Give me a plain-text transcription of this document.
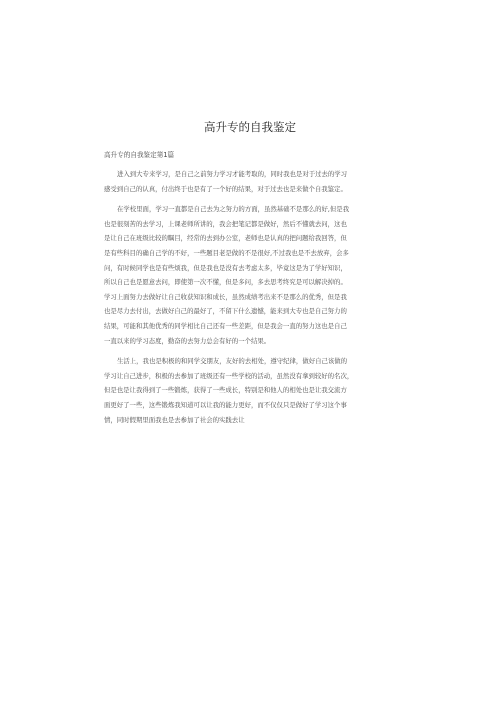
高升专的自我鉴定
高升专的自我鉴定第1篇
进入到大专来学习，是自己之前努力学习才能考取的，同时我也是对于过去的学习
感受到自己的认真，付出终于也是有了一个好的结果，对于过去也是来做个自我鉴定。
在学校里面，学习一直都是自己去为之努力的方面，虽然基础不是那么的好,但是我
也是很刻苦的去学习，上课老师所讲的，我会把笔记都是做好，然后不懂就去问，这也
是让自己在班级比较的瞩目，经常的去到办公室，老师也是认真的把问题给我回答，但
是有些科目的确自己学的不好，一些题目老是做的不是很好,不过我也是不去放弃，会多
问，有时候同学也是有些烦我，但是我也是没有去考虑太多，毕竟这是为了学好知识，
所以自己也是愿意去问，即使第一次不懂，但是多问，多去思考终究是可以解决掉的。
学习上面努力去做好让自己收获知识和成长，虽然成绩考出来不是那么的优秀，但是我
也是尽力去付出，去做好自己的最好了，不留下什么遗憾，能来到大专也是自己努力的
结果，可能和其他优秀的同学相比自己还有一些差距，但是我会一直的努力这也是自己
一直以来的学习态度，勤奋的去努力总会有好的一个结果。
生活上，我也是积极的和同学交朋友，友好的去相处，遵守纪律，做好自己该做的
学习让自己进步，积极的去参加了班级还有一些学校的活动，虽然没有拿到较好的名次，
但是也是让我得到了一些锻炼，获得了一些成长，特别是和他人的相处也是让我交流方
面更好了一些，这些锻炼我知道可以让我的能力更好，而不仅仅只是做好了学习这个事
情，同时假期里面我也是去参加了社会的实践去让
